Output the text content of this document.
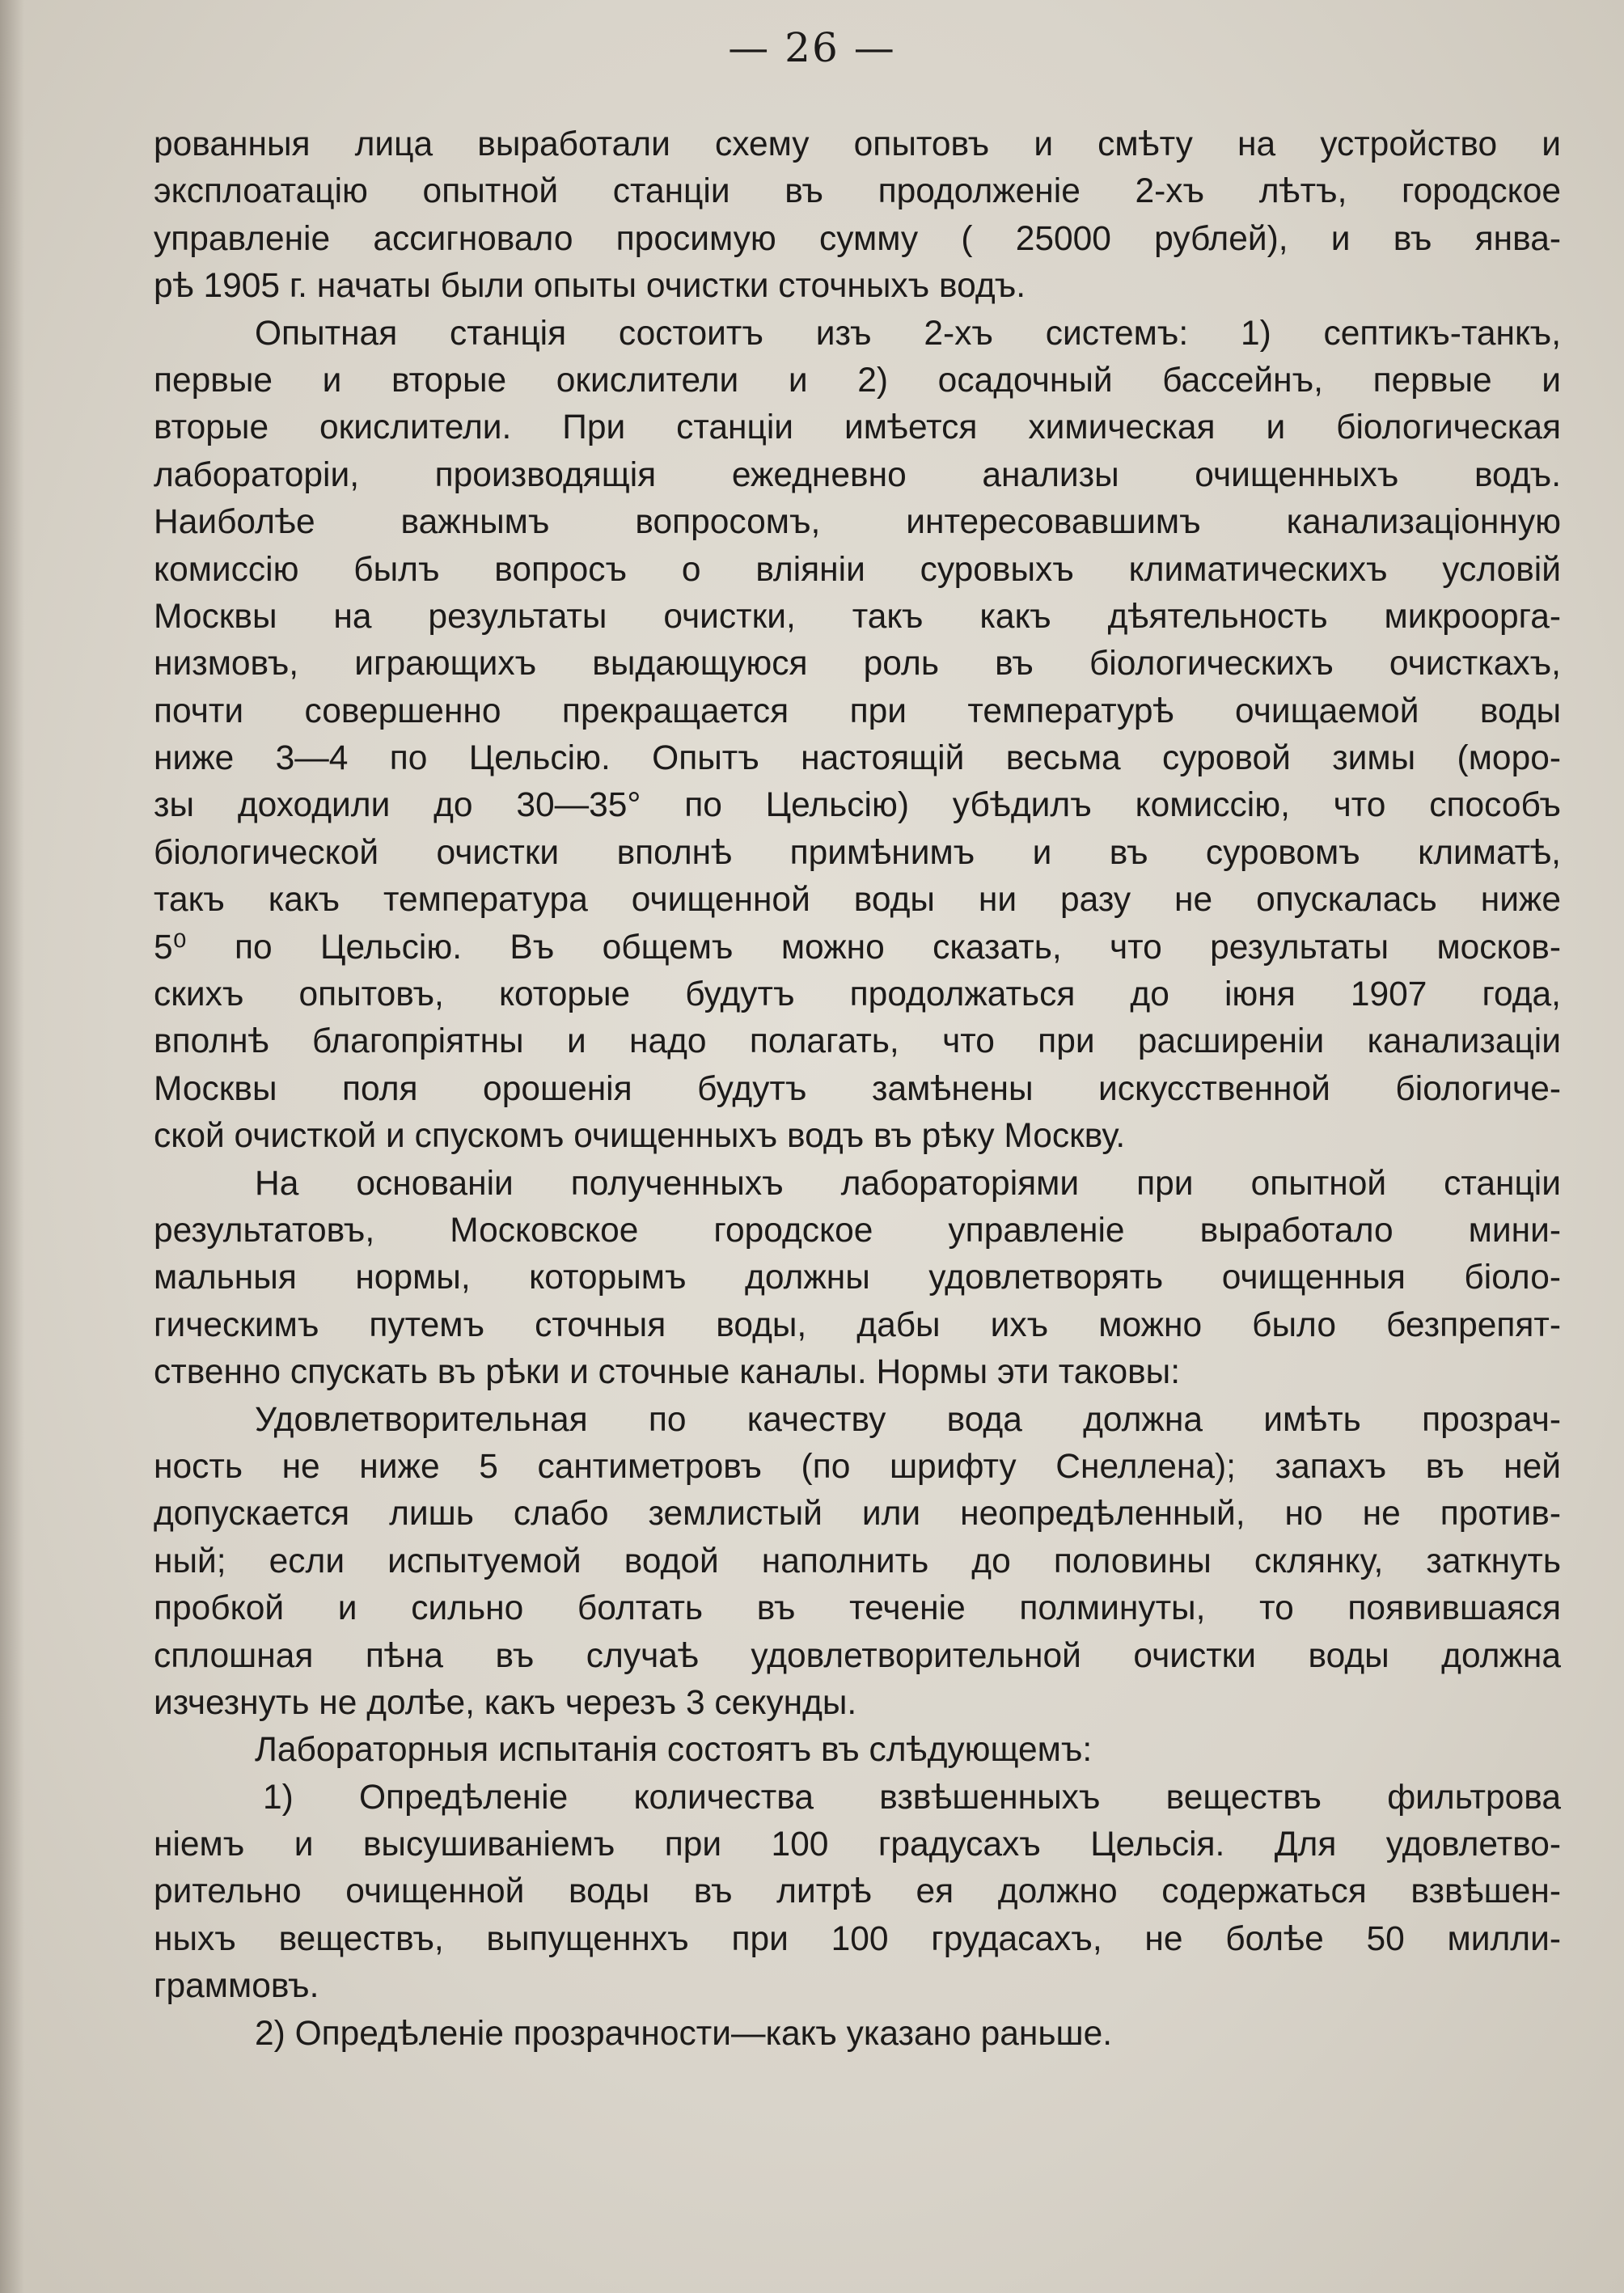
— 26 —
рованныя лица выработали схему опытовъ и смѣту на устройство и
эксплоатацію опытной станціи въ продолженіе 2-хъ лѣтъ, городское
управленіе ассигновало просимую сумму ( 25000 рублей), и въ янва-
рѣ 1905 г. начаты были опыты очистки сточныхъ водъ.
Опытная станція состоитъ изъ 2-хъ системъ: 1) септикъ-танкъ,
первые и вторые окислители и 2) осадочный бассейнъ, первые и
вторые окислители. При станціи имѣется химическая и біологическая
лабораторіи, производящія ежедневно анализы очищенныхъ водъ.
Наиболѣе важнымъ вопросомъ, интересовавшимъ канализаціонную
комиссію былъ вопросъ о вліяніи суровыхъ климатическихъ условій
Москвы на результаты очистки, такъ какъ дѣятельность микроорга-
низмовъ, играющихъ выдающуюся роль въ біологическихъ очисткахъ,
почти совершенно прекращается при температурѣ очищаемой воды
ниже 3—4 по Цельсію. Опытъ настоящій весьма суровой зимы (моро-
зы доходили до 30—35° по Цельсію) убѣдилъ комиссію, что способъ
біологической очистки вполнѣ примѣнимъ и въ суровомъ климатѣ,
такъ какъ температура очищенной воды ни разу не опускалась ниже
5⁰ по Цельсію. Въ общемъ можно сказать, что результаты москов-
скихъ опытовъ, которые будутъ продолжаться до іюня 1907 года,
вполнѣ благопріятны и надо полагать, что при расширеніи канализаціи
Москвы поля орошенія будутъ замѣнены искусственной біологиче-
ской очисткой и спускомъ очищенныхъ водъ въ рѣку Москву.
На основаніи полученныхъ лабораторіями при опытной станціи
результатовъ, Московское городское управленіе выработало мини-
мальныя нормы, которымъ должны удовлетворять очищенныя біоло-
гическимъ путемъ сточныя воды, дабы ихъ можно было безпрепят-
ственно спускать въ рѣки и сточные каналы. Нормы эти таковы:
Удовлетворительная по качеству вода должна имѣть прозрач-
ность не ниже 5 сантиметровъ (по шрифту Снеллена); запахъ въ ней
допускается лишь слабо землистый или неопредѣленный, но не против-
ный; если испытуемой водой наполнить до половины склянку, заткнуть
пробкой и сильно болтать въ теченіе полминуты, то появившаяся
сплошная пѣна въ случаѣ удовлетворительной очистки воды должна
изчезнуть не долѣе, какъ черезъ 3 секунды.
Лабораторныя испытанія состоятъ въ слѣдующемъ:
1) Опредѣленіе количества взвѣшенныхъ веществъ фильтрова
ніемъ и высушиваніемъ при 100 градусахъ Цельсія. Для удовлетво-
рительно очищенной воды въ литрѣ ея должно содержаться взвѣшен-
ныхъ веществъ, выпущеннхъ при 100 грудасахъ, не болѣе 50 милли-
граммовъ.
2) Опредѣленіе прозрачности—какъ указано раньше.
